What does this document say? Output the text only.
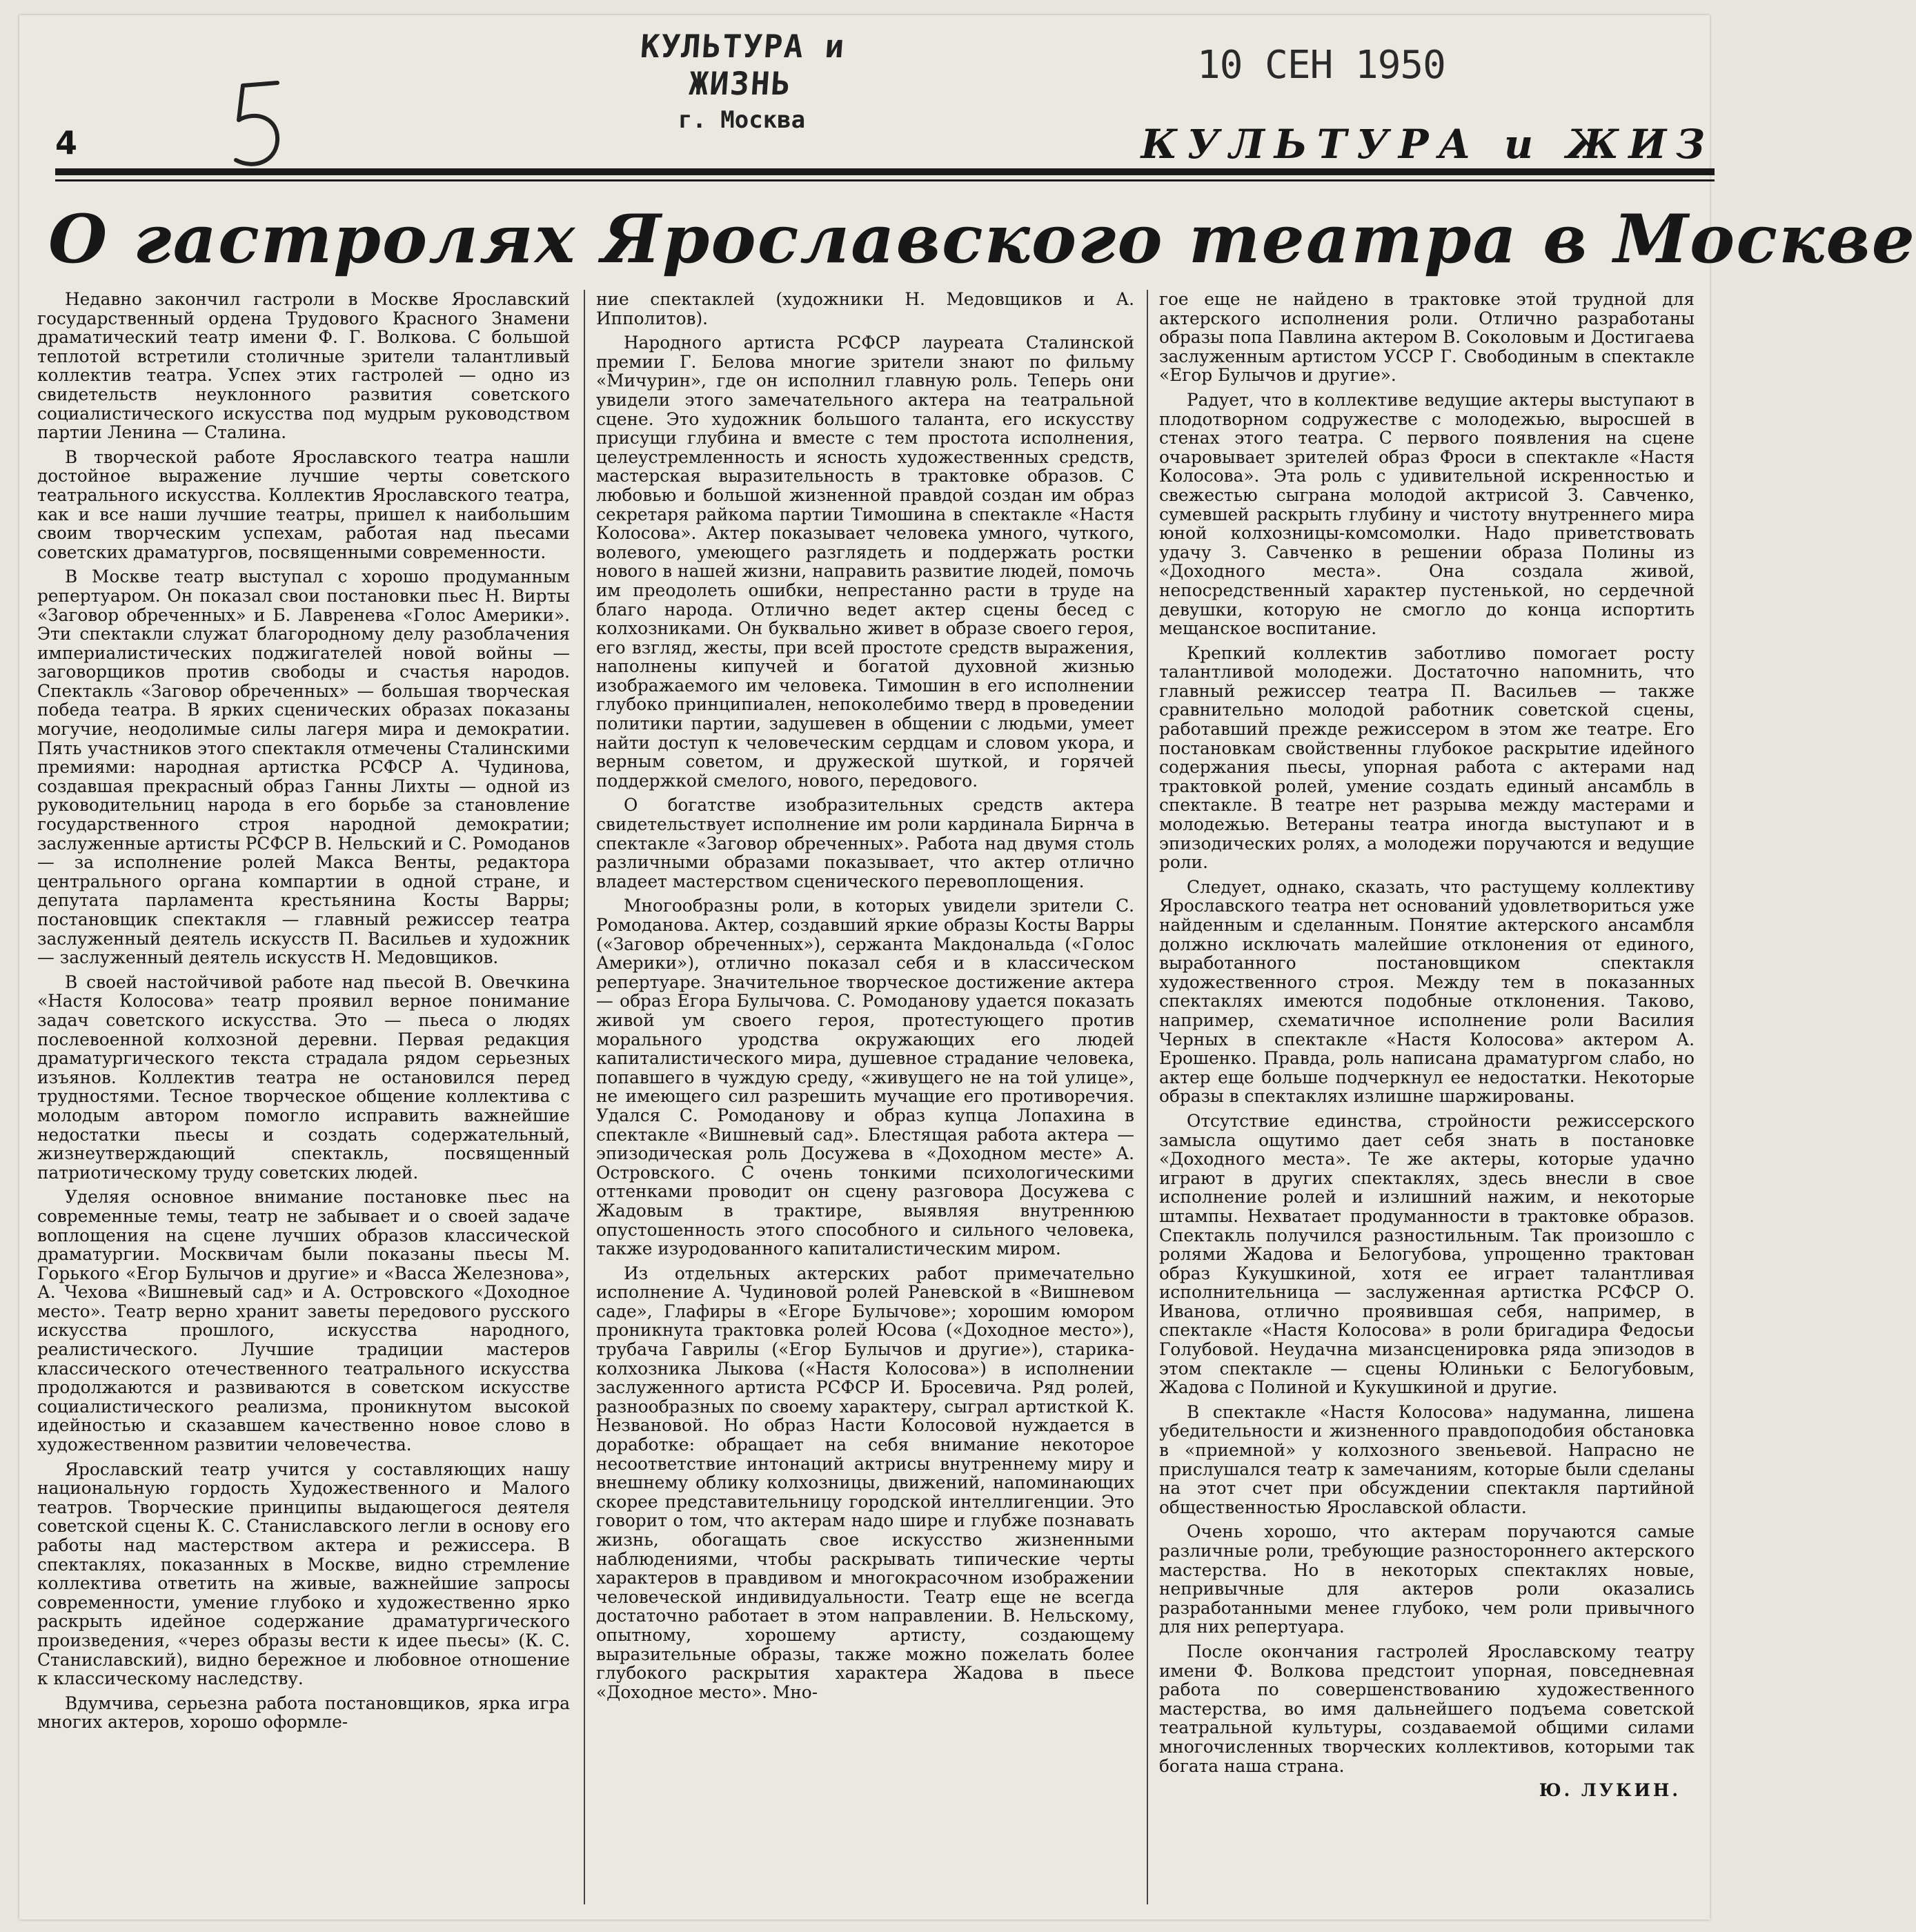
КУЛЬТУРА и ЖИЗНЬ
г. Москва
10 СЕН 1950
4	КУЛЬТУРА и ЖИЗ
О гастролях Ярославского театра в Москве

Недавно закончил гастроли в Москве Ярославский государственный ордена Трудового Красного Знамени драматический театр имени Ф. Г. Волкова. С большой теплотой встретили столичные зрители талантливый коллектив театра. Успех этих гастролей — одно из свидетельств неуклонного развития советского социалистического искусства под мудрым руководством партии Ленина — Сталина.

В творческой работе Ярославского театра нашли достойное выражение лучшие черты советского театрального искусства. Коллектив Ярославского театра, как и все наши лучшие театры, пришел к наибольшим своим творческим успехам, работая над пьесами советских драматургов, посвященными современности.

В Москве театр выступал с хорошо продуманным репертуаром. Он показал свои постановки пьес Н. Вирты «Заговор обреченных» и Б. Лавренева «Голос Америки». Эти спектакли служат благородному делу разоблачения империалистических поджигателей новой войны — заговорщиков против свободы и счастья народов. Спектакль «Заговор обреченных» — большая творческая победа театра. В ярких сценических образах показаны могучие, неодолимые силы лагеря мира и демократии. Пять участников этого спектакля отмечены Сталинскими премиями: народная артистка РСФСР А. Чудинова, создавшая прекрасный образ Ганны Лихты — одной из руководительниц народа в его борьбе за становление государственного строя народной демократии; заслуженные артисты РСФСР В. Нельский и С. Ромоданов — за исполнение ролей Макса Венты, редактора центрального органа компартии в одной стране, и депутата парламента крестьянина Косты Варры; постановщик спектакля — главный режиссер театра заслуженный деятель искусств П. Васильев и художник — заслуженный деятель искусств Н. Медовщиков.

В своей настойчивой работе над пьесой В. Овечкина «Настя Колосова» театр проявил верное понимание задач советского искусства. Это — пьеса о людях послевоенной колхозной деревни. Первая редакция драматургического текста страдала рядом серьезных изъянов. Коллектив театра не остановился перед трудностями. Тесное творческое общение коллектива с молодым автором помогло исправить важнейшие недостатки пьесы и создать содержательный, жизнеутверждающий спектакль, посвященный патриотическому труду советских людей.

Уделяя основное внимание постановке пьес на современные темы, театр не забывает и о своей задаче воплощения на сцене лучших образов классической драматургии. Москвичам были показаны пьесы М. Горького «Егор Булычов и другие» и «Васса Железнова», А. Чехова «Вишневый сад» и А. Островского «Доходное место». Театр верно хранит заветы передового русского искусства прошлого, искусства народного, реалистического. Лучшие традиции мастеров классического отечественного театрального искусства продолжаются и развиваются в советском искусстве социалистического реализма, проникнутом высокой идейностью и сказавшем качественно новое слово в художественном развитии человечества.

Ярославский театр учится у составляющих нашу национальную гордость Художественного и Малого театров. Творческие принципы выдающегося деятеля советской сцены К. С. Станиславского легли в основу его работы над мастерством актера и режиссера. В спектаклях, показанных в Москве, видно стремление коллектива ответить на живые, важнейшие запросы современности, умение глубоко и художественно ярко раскрыть идейное содержание драматургического произведения, «через образы вести к идее пьесы» (К. С. Станиславский), видно бережное и любовное отношение к классическому наследству.

Вдумчива, серьезна работа постановщиков, ярка игра многих актеров, хорошо оформле-

ние спектаклей (художники Н. Медовщиков и А. Ипполитов).

Народного артиста РСФСР лауреата Сталинской премии Г. Белова многие зрители знают по фильму «Мичурин», где он исполнил главную роль. Теперь они увидели этого замечательного актера на театральной сцене. Это художник большого таланта, его искусству присущи глубина и вместе с тем простота исполнения, целеустремленность и ясность художественных средств, мастерская выразительность в трактовке образов. С любовью и большой жизненной правдой создан им образ секретаря райкома партии Тимошина в спектакле «Настя Колосова». Актер показывает человека умного, чуткого, волевого, умеющего разглядеть и поддержать ростки нового в нашей жизни, направить развитие людей, помочь им преодолеть ошибки, непрестанно расти в труде на благо народа. Отлично ведет актер сцены бесед с колхозниками. Он буквально живет в образе своего героя, его взгляд, жесты, при всей простоте средств выражения, наполнены кипучей и богатой духовной жизнью изображаемого им человека. Тимошин в его исполнении глубоко принципиален, непоколебимо тверд в проведении политики партии, задушевен в общении с людьми, умеет найти доступ к человеческим сердцам и словом укора, и верным советом, и дружеской шуткой, и горячей поддержкой смелого, нового, передового.

О богатстве изобразительных средств актера свидетельствует исполнение им роли кардинала Бирнча в спектакле «Заговор обреченных». Работа над двумя столь различными образами показывает, что актер отлично владеет мастерством сценического перевоплощения.

Многообразны роли, в которых увидели зрители С. Ромоданова. Актер, создавший яркие образы Косты Варры («Заговор обреченных»), сержанта Макдональда («Голос Америки»), отлично показал себя и в классическом репертуаре. Значительное творческое достижение актера — образ Егора Булычова. С. Ромоданову удается показать живой ум своего героя, протестующего против морального уродства окружающих его людей капиталистического мира, душевное страдание человека, попавшего в чуждую среду, «живущего не на той улице», не имеющего сил разрешить мучащие его противоречия. Удался С. Ромоданову и образ купца Лопахина в спектакле «Вишневый сад». Блестящая работа актера — эпизодическая роль Досужева в «Доходном месте» А. Островского. С очень тонкими психологическими оттенками проводит он сцену разговора Досужева с Жадовым в трактире, выявляя внутреннюю опустошенность этого способного и сильного человека, также изуродованного капиталистическим миром.

Из отдельных актерских работ примечательно исполнение А. Чудиновой ролей Раневской в «Вишневом саде», Глафиры в «Егоре Булычове»; хорошим юмором проникнута трактовка ролей Юсова («Доходное место»), трубача Гаврилы («Егор Булычов и другие»), старика-колхозника Лыкова («Настя Колосова») в исполнении заслуженного артиста РСФСР И. Бросевича. Ряд ролей, разнообразных по своему характеру, сыграл артисткой К. Незвановой. Но образ Насти Колосовой нуждается в доработке: обращает на себя внимание некоторое несоответствие интонаций актрисы внутреннему миру и внешнему облику колхозницы, движений, напоминающих скорее представительницу городской интеллигенции. Это говорит о том, что актерам надо шире и глубже познавать жизнь, обогащать свое искусство жизненными наблюдениями, чтобы раскрывать типические черты характеров в правдивом и многокрасочном изображении человеческой индивидуальности. Театр еще не всегда достаточно работает в этом направлении. В. Нельскому, опытному, хорошему артисту, создающему выразительные образы, также можно пожелать более глубокого раскрытия характера Жадова в пьесе «Доходное место». Мно-

гое еще не найдено в трактовке этой трудной для актерского исполнения роли. Отлично разработаны образы попа Павлина актером В. Соколовым и Достигаева заслуженным артистом УССР Г. Свободиным в спектакле «Егор Булычов и другие».

Радует, что в коллективе ведущие актеры выступают в плодотворном содружестве с молодежью, выросшей в стенах этого театра. С первого появления на сцене очаровывает зрителей образ Фроси в спектакле «Настя Колосова». Эта роль с удивительной искренностью и свежестью сыграна молодой актрисой З. Савченко, сумевшей раскрыть глубину и чистоту внутреннего мира юной колхозницы-комсомолки. Надо приветствовать удачу З. Савченко в решении образа Полины из «Доходного места». Она создала живой, непосредственный характер пустенькой, но сердечной девушки, которую не смогло до конца испортить мещанское воспитание.

Крепкий коллектив заботливо помогает росту талантливой молодежи. Достаточно напомнить, что главный режиссер театра П. Васильев — также сравнительно молодой работник советской сцены, работавший прежде режиссером в этом же театре. Его постановкам свойственны глубокое раскрытие идейного содержания пьесы, упорная работа с актерами над трактовкой ролей, умение создать единый ансамбль в спектакле. В театре нет разрыва между мастерами и молодежью. Ветераны театра иногда выступают и в эпизодических ролях, а молодежи поручаются и ведущие роли.

Следует, однако, сказать, что растущему коллективу Ярославского театра нет оснований удовлетвориться уже найденным и сделанным. Понятие актерского ансамбля должно исключать малейшие отклонения от единого, выработанного постановщиком спектакля художественного строя. Между тем в показанных спектаклях имеются подобные отклонения. Таково, например, схематичное исполнение роли Василия Черных в спектакле «Настя Колосова» актером А. Ерошенко. Правда, роль написана драматургом слабо, но актер еще больше подчеркнул ее недостатки. Некоторые образы в спектаклях излишне шаржированы.

Отсутствие единства, стройности режиссерского замысла ощутимо дает себя знать в постановке «Доходного места». Те же актеры, которые удачно играют в других спектаклях, здесь внесли в свое исполнение ролей и излишний нажим, и некоторые штампы. Нехватает продуманности в трактовке образов. Спектакль получился разностильным. Так произошло с ролями Жадова и Белогубова, упрощенно трактован образ Кукушкиной, хотя ее играет талантливая исполнительница — заслуженная артистка РСФСР О. Иванова, отлично проявившая себя, например, в спектакле «Настя Колосова» в роли бригадира Федосьи Голубовой. Неудачна мизансценировка ряда эпизодов в этом спектакле — сцены Юлиньки с Белогубовым, Жадова с Полиной и Кукушкиной и другие.

В спектакле «Настя Колосова» надуманна, лишена убедительности и жизненного правдоподобия обстановка в «приемной» у колхозного звеньевой. Напрасно не прислушался театр к замечаниям, которые были сделаны на этот счет при обсуждении спектакля партийной общественностью Ярославской области.

Очень хорошо, что актерам поручаются самые различные роли, требующие разностороннего актерского мастерства. Но в некоторых спектаклях новые, непривычные для актеров роли оказались разработанными менее глубоко, чем роли привычного для них репертуара.

После окончания гастролей Ярославскому театру имени Ф. Волкова предстоит упорная, повседневная работа по совершенствованию художественного мастерства, во имя дальнейшего подъема советской театральной культуры, создаваемой общими силами многочисленных творческих коллективов, которыми так богата наша страна.

Ю. ЛУКИН.
